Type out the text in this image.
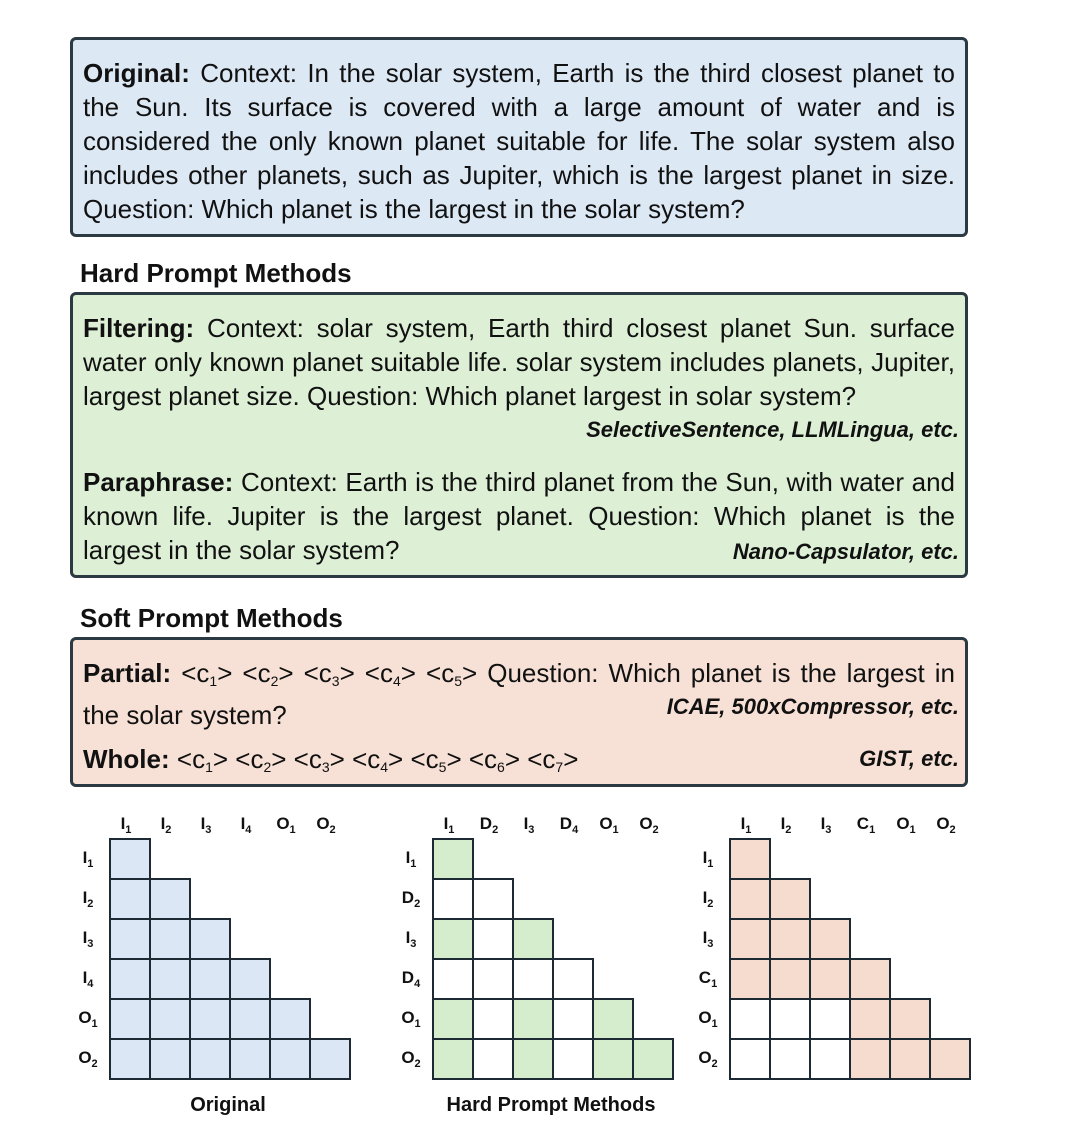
Original: Context: In the solar system, Earth is the third closest planet to the Sun. Its surface is covered with a large amount of water and is considered the only known planet suitable for life. The solar system also includes other planets, such as Jupiter, which is the largest planet in size. Question: Which planet is the largest in the solar system?

Hard Prompt Methods

Filtering: Context: solar system, Earth third closest planet Sun. surface water only known planet suitable life. solar system includes planets, Jupiter, largest planet size. Question: Which planet largest in solar system?

SelectiveSentence, LLMLingua, etc.

Paraphrase: Context: Earth is the third planet from the Sun, with water and known life. Jupiter is the largest planet. Question: Which planet is the largest in the solar system?	Nano-Capsulator, etc.
Soft Prompt Methods

Partial: $<c_1> <c_2> <c_3> <c_4> <c_5>$ Question: Which planet is the largest in the solar system?	ICAE, 500xCompressor, etc.

Whole: $<c_1> <c_2> <c_3> <c_4> <c_5> <c_6> <c_7>$	GIST, etc.
$I_1$ $I_2$ $I_3$ $I_4$ $O_1$ $O_2$
$I_1$
$I_2$
$I_3$
$I_4$
$O_1$
$O_2$
Original
$I_1$ $D_2$ $I_3$ $D_4$ $O_1$ $O_2$
$I_1$
$D_2$
$I_3$
$D_4$
$O_1$
$O_2$
Hard Prompt Methods
$I_1$ $I_2$ $I_3$ $C_1$ $O_1$ $O_2$
$I_1$
$I_2$
$I_3$
$C_1$
$O_1$
$O_2$
